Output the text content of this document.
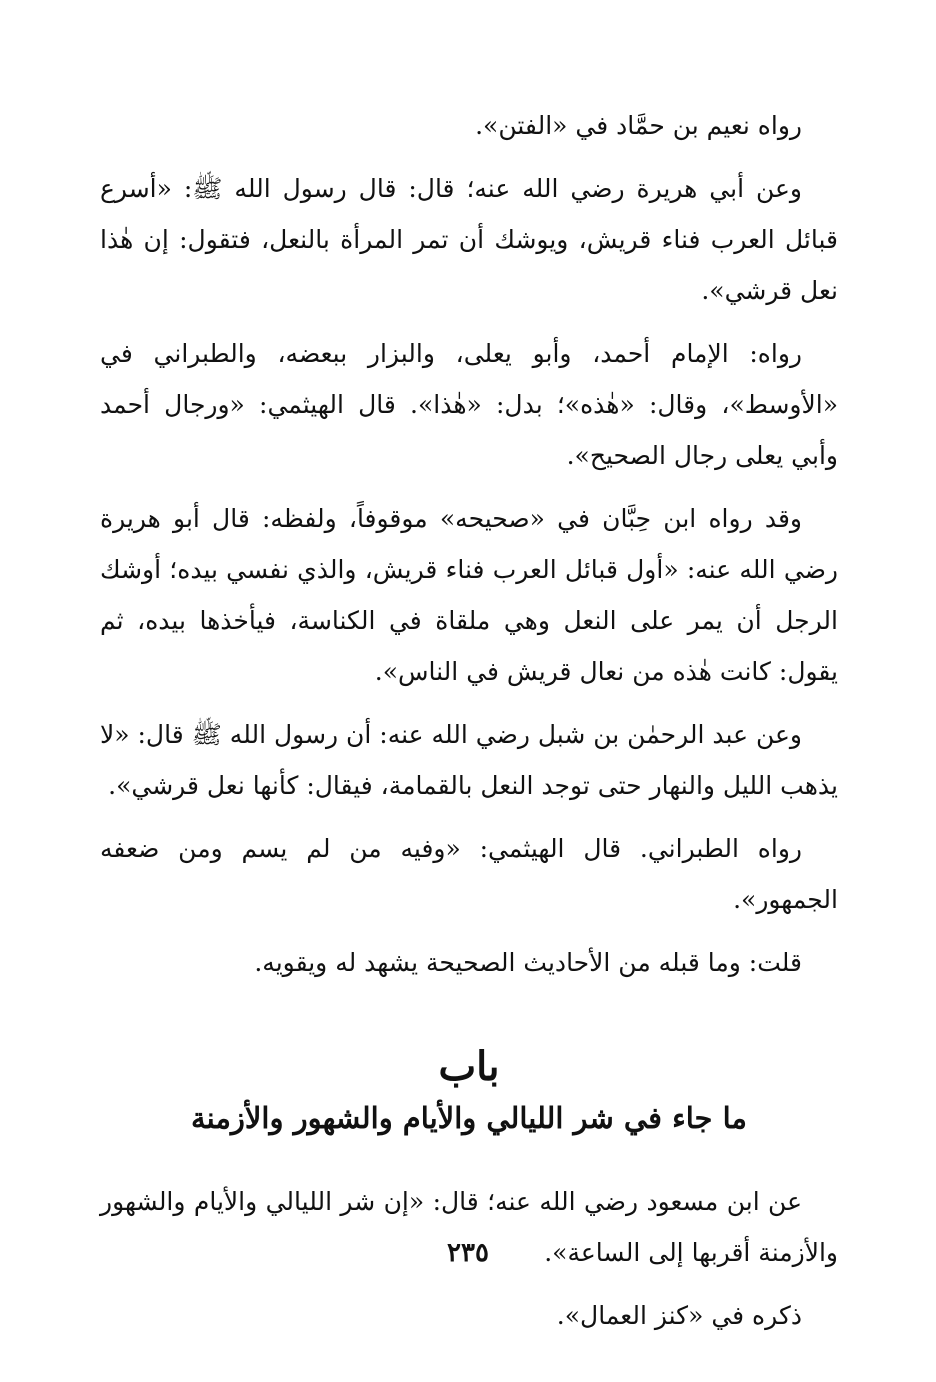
رواه نعيم بن حمَّاد في «الفتن».

وعن أبي هريرة رضي الله عنه؛ قال: قال رسول الله ﷺ: «أسرع قبائل العرب فناء قريش، ويوشك أن تمر المرأة بالنعل، فتقول: إن هٰذا نعل قرشي».

رواه: الإمام أحمد، وأبو يعلى، والبزار ببعضه، والطبراني في «الأوسط»، وقال: «هٰذه»؛ بدل: «هٰذا». قال الهيثمي: «ورجال أحمد وأبي يعلى رجال الصحيح».

وقد رواه ابن حِبَّان في «صحيحه» موقوفاً، ولفظه: قال أبو هريرة رضي الله عنه: «أول قبائل العرب فناء قريش، والذي نفسي بيده؛ أوشك الرجل أن يمر على النعل وهي ملقاة في الكناسة، فيأخذها بيده، ثم يقول: كانت هٰذه من نعال قريش في الناس».

وعن عبد الرحمٰن بن شبل رضي الله عنه: أن رسول الله ﷺ قال: «لا يذهب الليل والنهار حتى توجد النعل بالقمامة، فيقال: كأنها نعل قرشي».

رواه الطبراني. قال الهيثمي: «وفيه من لم يسم ومن ضعفه الجمهور».

قلت: وما قبله من الأحاديث الصحيحة يشهد له ويقويه.

باب

ما جاء في شر الليالي والأيام والشهور والأزمنة

عن ابن مسعود رضي الله عنه؛ قال: «إن شر الليالي والأيام والشهور والأزمنة أقربها إلى الساعة».

ذكره في «كنز العمال».

٢٣٥
